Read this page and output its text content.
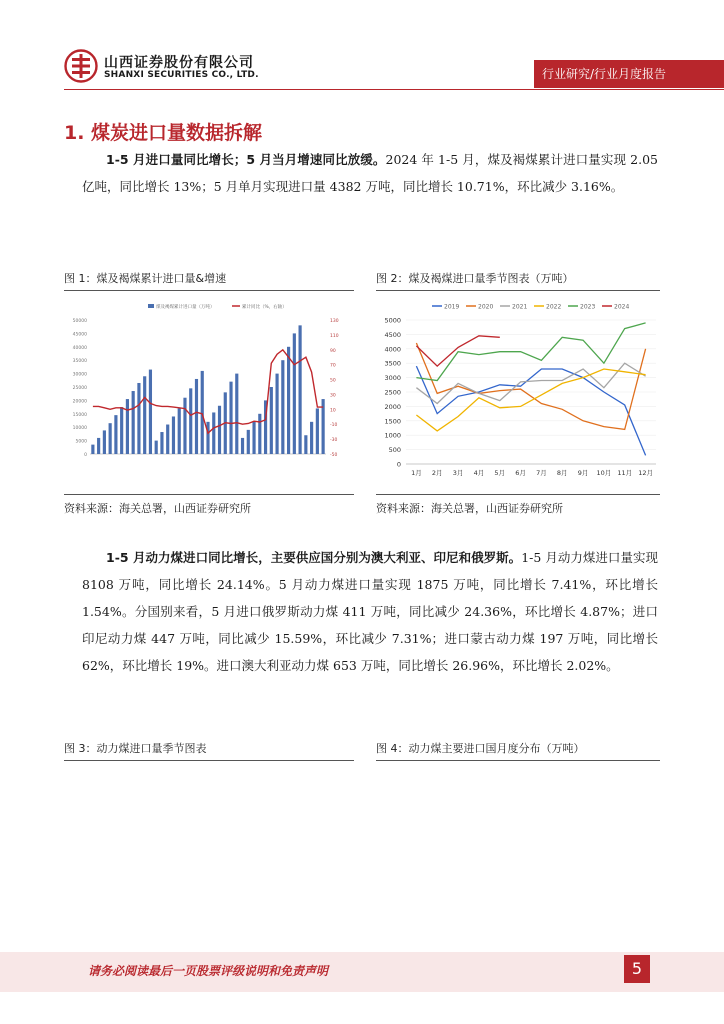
山西证券股份有限公司
SHANXI SECURITIES CO., LTD.	行业研究/行业月度报告
1. 煤炭进口量数据拆解

1-5 月进口量同比增长；5 月当月增速同比放缓。2024 年 1-5 月，煤及褐煤累计进口量实现 2.05 亿吨，同比增长 13%；5 月单月实现进口量 4382 万吨，同比增长 10.71%，环比减少 3.16%。

图 1：煤及褐煤累计进口量&增速	图 2：煤及褐煤进口量季节图表（万吨）
0
5000
10000
15000
20000
25000
30000
35000
40000
45000
50000
-50
-30
-10
10
30
50
70
90
110
130
煤及褐煤累计进口量（万吨）	累计同比（%，右轴）
0
500
1000
1500
2000
2500
3000
3500
4000
4500
5000
1月 2月 3月 4月 5月 6月 7月 8月 9月 10月 11月 12月
2019	2020	2021	2022	2023	2024
资料来源：海关总署，山西证券研究所	资料来源：海关总署，山西证券研究所

1-5 月动力煤进口同比增长，主要供应国分别为澳大利亚、印尼和俄罗斯。1-5 月动力煤进口量实现 8108 万吨，同比增长 24.14%。5 月动力煤进口量实现 1875 万吨，同比增长 7.41%，环比增长 1.54%。分国别来看，5 月进口俄罗斯动力煤 411 万吨，同比减少 24.36%，环比增长 4.87%；进口印尼动力煤 447 万吨，同比减少 15.59%，环比减少 7.31%；进口蒙古动力煤 197 万吨，同比增长 62%，环比增长 19%。进口澳大利亚动力煤 653 万吨，同比增长 26.96%，环比增长 2.02%。

图 3：动力煤进口量季节图表	图 4：动力煤主要进口国月度分布（万吨）
请务必阅读最后一页股票评级说明和免责声明	5
